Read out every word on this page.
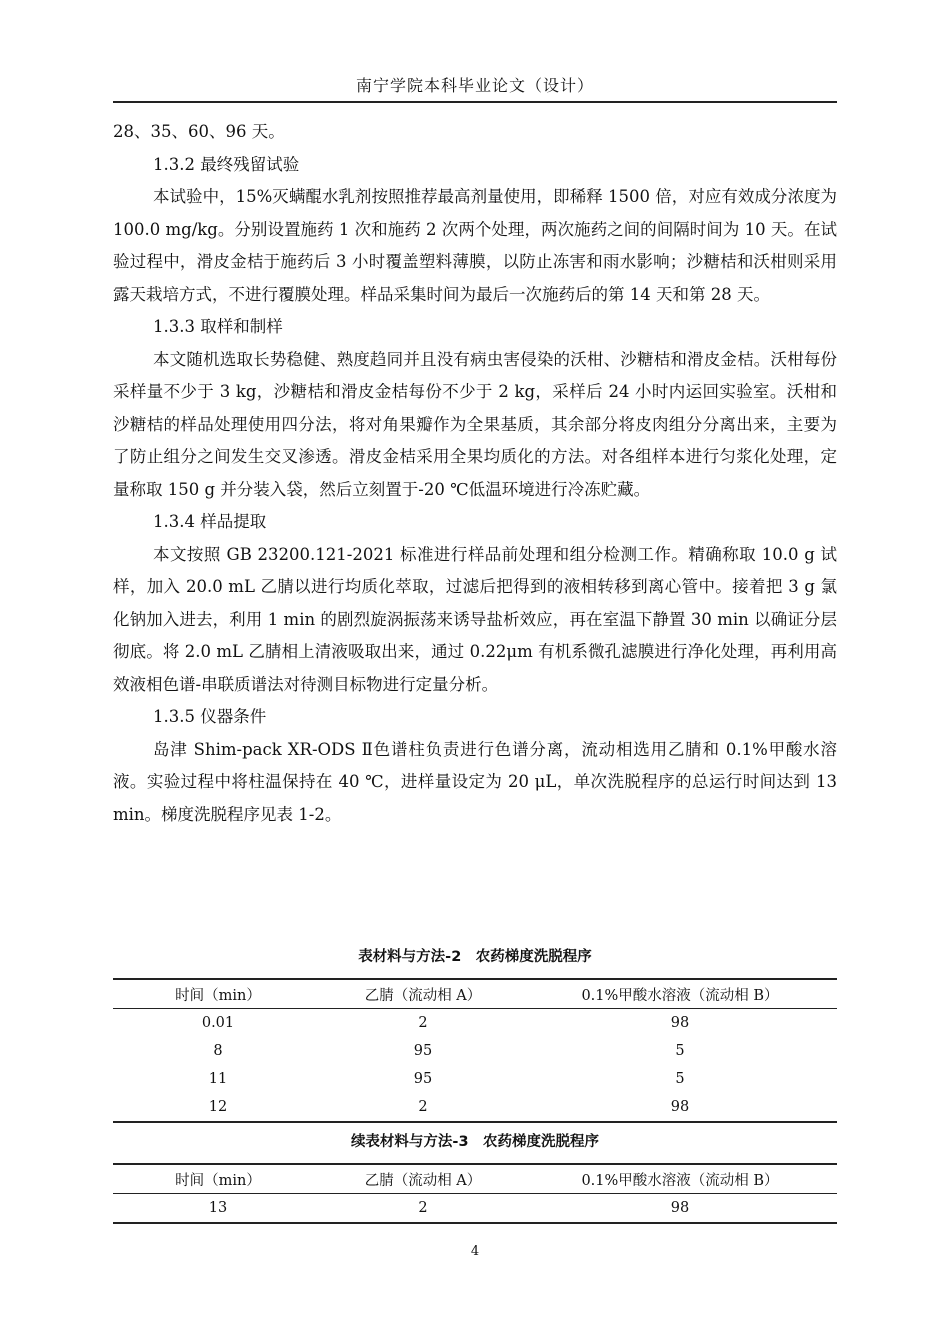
南宁学院本科毕业论文（设计）

28、35、60、96 天。

1.3.2 最终残留试验

本试验中，15%灭螨醌水乳剂按照推荐最高剂量使用，即稀释 1500 倍，对应有效成分浓度为 100.0 mg/kg。分别设置施药 1 次和施药 2 次两个处理，两次施药之间的间隔时间为 10 天。在试验过程中，滑皮金桔于施药后 3 小时覆盖塑料薄膜，以防止冻害和雨水影响；沙糖桔和沃柑则采用露天栽培方式，不进行覆膜处理。样品采集时间为最后一次施药后的第 14 天和第 28 天。

1.3.3 取样和制样

本文随机选取长势稳健、熟度趋同并且没有病虫害侵染的沃柑、沙糖桔和滑皮金桔。沃柑每份采样量不少于 3 kg，沙糖桔和滑皮金桔每份不少于 2 kg，采样后 24 小时内运回实验室。沃柑和沙糖桔的样品处理使用四分法，将对角果瓣作为全果基质，其余部分将皮肉组分分离出来，主要为了防止组分之间发生交叉渗透。滑皮金桔采用全果均质化的方法。对各组样本进行匀浆化处理，定量称取 150 g 并分装入袋，然后立刻置于-20 ℃低温环境进行冷冻贮藏。

1.3.4 样品提取

本文按照 GB 23200.121-2021 标准进行样品前处理和组分检测工作。精确称取 10.0 g 试样，加入 20.0 mL 乙腈以进行均质化萃取，过滤后把得到的液相转移到离心管中。接着把 3 g 氯化钠加入进去，利用 1 min 的剧烈旋涡振荡来诱导盐析效应，再在室温下静置 30 min 以确证分层彻底。将 2.0 mL 乙腈相上清液吸取出来，通过 0.22μm 有机系微孔滤膜进行净化处理，再利用高效液相色谱-串联质谱法对待测目标物进行定量分析。

1.3.5 仪器条件

岛津 Shim-pack XR-ODS Ⅱ色谱柱负责进行色谱分离，流动相选用乙腈和 0.1%甲酸水溶液。实验过程中将柱温保持在 40 ℃，进样量设定为 20 μL，单次洗脱程序的总运行时间达到 13 min。梯度洗脱程序见表 1-2。

表材料与方法-2　农药梯度洗脱程序
时间（min）	乙腈（流动相 A）	0.1%甲酸水溶液（流动相 B）
0.01	2	98
8	95	5
11	95	5
12	2	98
续表材料与方法-3　农药梯度洗脱程序
时间（min）	乙腈（流动相 A）	0.1%甲酸水溶液（流动相 B）
13	2	98
4
